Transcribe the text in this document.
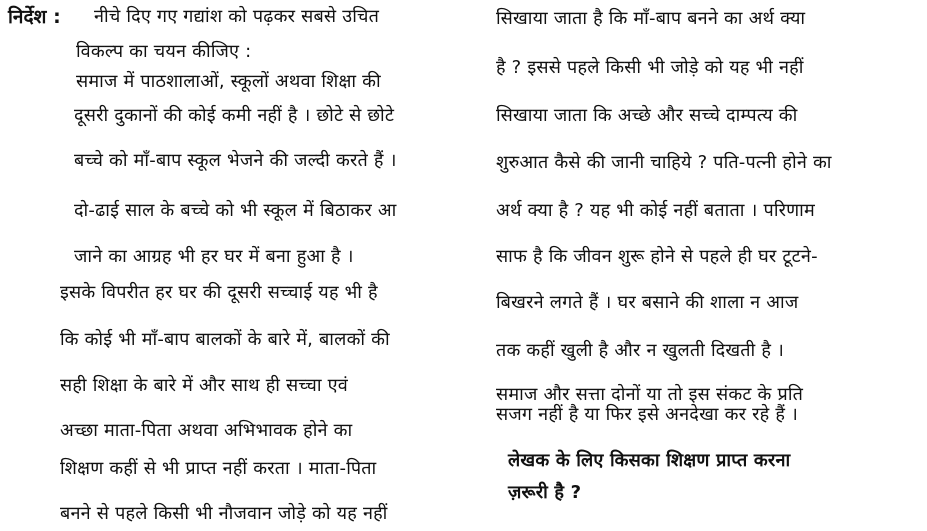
निर्देश : नीचे दिए गए गद्यांश को पढ़कर सबसे उचित
विकल्प का चयन कीजिए :
समाज में पाठशालाओं, स्कूलों अथवा शिक्षा की
दूसरी दुकानों की कोई कमी नहीं है । छोटे से छोटे
बच्चे को माँ-बाप स्कूल भेजने की जल्दी करते हैं ।
दो-ढाई साल के बच्चे को भी स्कूल में बिठाकर आ
जाने का आग्रह भी हर घर में बना हुआ है ।
इसके विपरीत हर घर की दूसरी सच्चाई यह भी है
कि कोई भी माँ-बाप बालकों के बारे में, बालकों की
सही शिक्षा के बारे में और साथ ही सच्चा एवं
अच्छा माता-पिता अथवा अभिभावक होने का
शिक्षण कहीं से भी प्राप्त नहीं करता । माता-पिता
बनने से पहले किसी भी नौजवान जोड़े को यह नहीं
सिखाया जाता है कि माँ-बाप बनने का अर्थ क्या
है ? इससे पहले किसी भी जोड़े को यह भी नहीं
सिखाया जाता कि अच्छे और सच्चे दाम्पत्य की
शुरुआत कैसे की जानी चाहिये ? पति-पत्नी होने का
अर्थ क्या है ? यह भी कोई नहीं बताता । परिणाम
साफ है कि जीवन शुरू होने से पहले ही घर टूटने-
बिखरने लगते हैं । घर बसाने की शाला न आज
तक कहीं खुली है और न खुलती दिखती है ।
समाज और सत्ता दोनों या तो इस संकट के प्रति
सजग नहीं है या फिर इसे अनदेखा कर रहे हैं ।
लेखक के लिए किसका शिक्षण प्राप्त करना
ज़रूरी है ?
